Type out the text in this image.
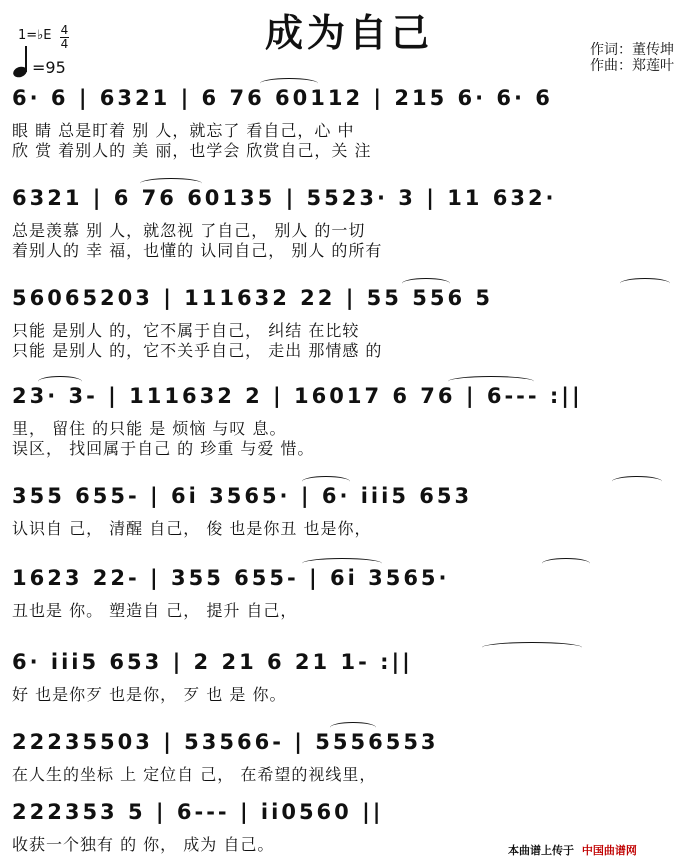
成为自己
1=♭E 4
4
=95
作词：董传坤
作曲：郑莲叶
6· 6 | 6321 | 6 76 60112 | 215 6· 6· 6
眼 睛 总是盯着 别 人，就忘了 看自己，心 中
欣 赏 着别人的 美 丽，也学会 欣赏自己，关 注
6321 | 6 76 60135 | 5523· 3 | 11 632·
总是羡慕 别 人，就忽视 了自己， 别人 的一切
着别人的 幸 福，也懂的 认同自己， 别人 的所有
56065203 | 111632 22 | 55 556 5
只能 是别人 的，它不属于自己， 纠结 在比较
只能 是别人 的，它不关乎自己， 走出 那情感 的
23· 3- | 111632 2 | 16017 6 76 | 6--- :||
里， 留住 的只能 是 烦恼 与叹 息。
误区， 找回属于自己 的 珍重 与爱 惜。
355 655- | 6i 3565· | 6· iii5 653
认识自 己， 清醒 自己， 俊 也是你丑 也是你，
1623 22- | 355 655- | 6i 3565·
丑也是 你。 塑造自 己， 提升 自己，
6· iii5 653 | 2 21 6 21 1- :||
好 也是你歹 也是你， 歹 也 是 你。
22235503 | 53566- | 5556553
在人生的坐标 上 定位自 己， 在希望的视线里，
222353 5 | 6--- | ii0560 ||
收获一个独有 的 你， 成为 自己。	本曲谱上传于 中国曲谱网
